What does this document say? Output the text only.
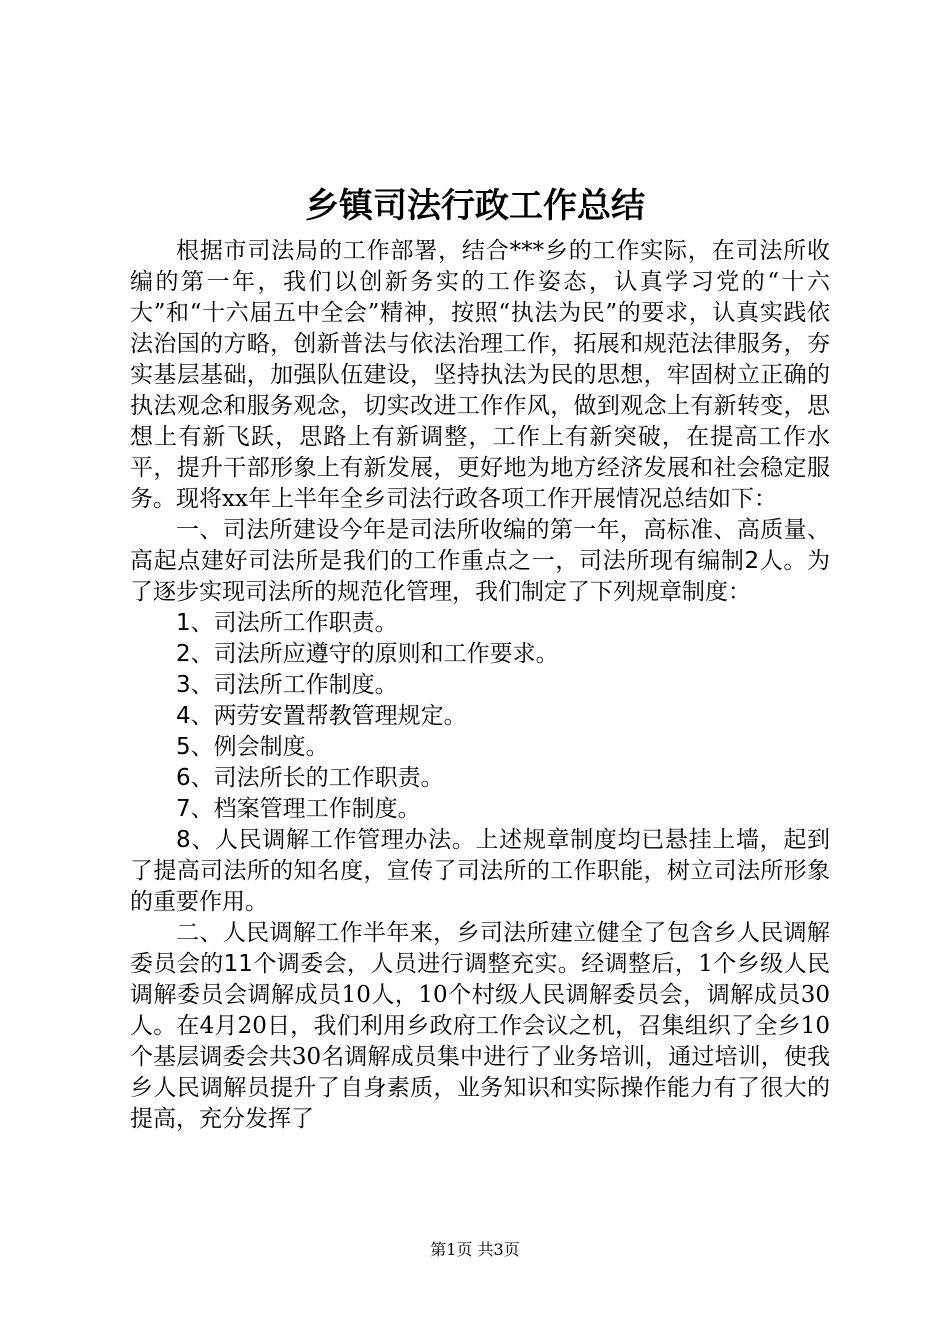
乡镇司法行政工作总结

根据市司法局的工作部署，结合***乡的工作实际，在司法所收编的第一年，我们以创新务实的工作姿态，认真学习党的“十六大”和“十六届五中全会”精神，按照“执法为民”的要求，认真实践依法治国的方略，创新普法与依法治理工作，拓展和规范法律服务，夯实基层基础，加强队伍建设，坚持执法为民的思想，牢固树立正确的执法观念和服务观念，切实改进工作作风，做到观念上有新转变，思想上有新飞跃，思路上有新调整，工作上有新突破，在提高工作水平，提升干部形象上有新发展，更好地为地方经济发展和社会稳定服务。现将xx年上半年全乡司法行政各项工作开展情况总结如下：

一、司法所建设今年是司法所收编的第一年，高标准、高质量、高起点建好司法所是我们的工作重点之一，司法所现有编制2人。为了逐步实现司法所的规范化管理，我们制定了下列规章制度：

1、司法所工作职责。

2、司法所应遵守的原则和工作要求。

3、司法所工作制度。

4、两劳安置帮教管理规定。

5、例会制度。

6、司法所长的工作职责。

7、档案管理工作制度。

8、人民调解工作管理办法。上述规章制度均已悬挂上墙，起到了提高司法所的知名度，宣传了司法所的工作职能，树立司法所形象的重要作用。

二、人民调解工作半年来，乡司法所建立健全了包含乡人民调解委员会的11个调委会，人员进行调整充实。经调整后，1个乡级人民调解委员会调解成员10人，10个村级人民调解委员会，调解成员30人。在4月20日，我们利用乡政府工作会议之机，召集组织了全乡10个基层调委会共30名调解成员集中进行了业务培训，通过培训，使我乡人民调解员提升了自身素质，业务知识和实际操作能力有了很大的提高，充分发挥了

第1页 共3页
